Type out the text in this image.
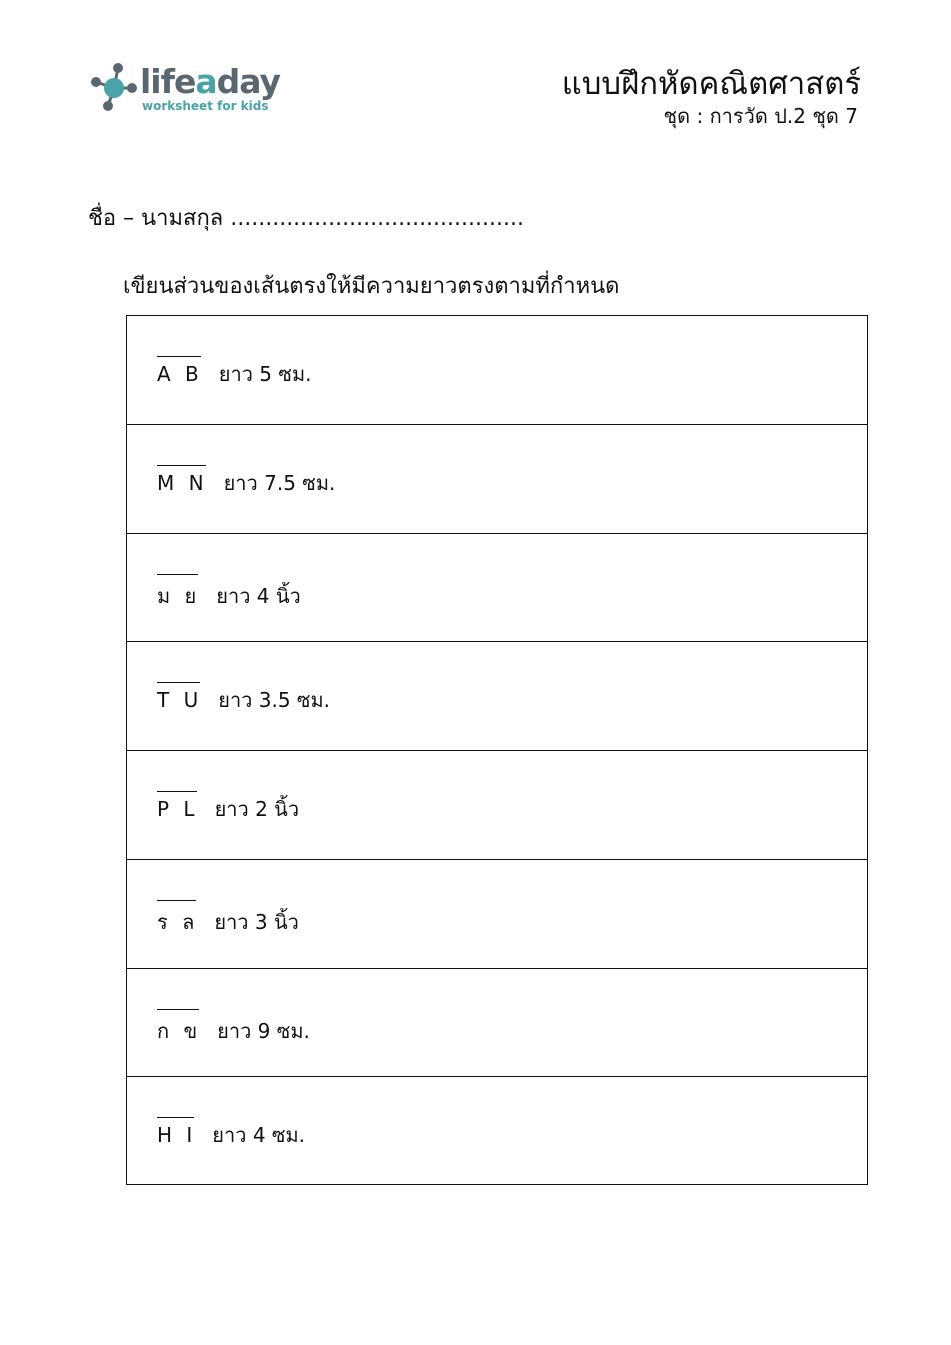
lifeaday
worksheet for kids
แบบฝึกหัดคณิตศาสตร์
ชุด : การวัด ป.2 ชุด 7
ชื่อ – นามสกุล ..........................................
เขียนส่วนของเส้นตรงให้มีความยาวตรงตามที่กำหนด
A B ยาว 5 ซม.
M N ยาว 7.5 ซม.
ม ย ยาว 4 นิ้ว
T U ยาว 3.5 ซม.
P L ยาว 2 นิ้ว
ร ล ยาว 3 นิ้ว
ก ข ยาว 9 ซม.
H I ยาว 4 ซม.
